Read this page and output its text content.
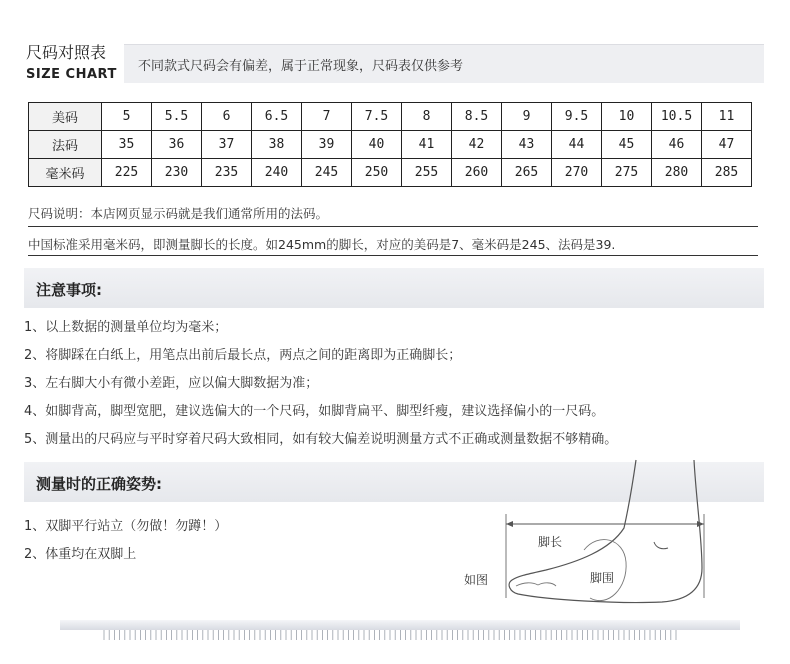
尺码对照表
SIZE CHART
不同款式尺码会有偏差，属于正常现象，尺码表仅供参考
美码	5	5.5	6	6.5	7	7.5	8	8.5	9	9.5	10	10.5	11
法码	35	36	37	38	39	40	41	42	43	44	45	46	47
毫米码	225	230	235	240	245	250	255	260	265	270	275	280	285
尺码说明：本店网页显示码就是我们通常所用的法码。
中国标准采用毫米码，即测量脚长的长度。如245mm的脚长，对应的美码是7、毫米码是245、法码是39.
注意事项:
1、以上数据的测量单位均为毫米；
2、将脚踩在白纸上，用笔点出前后最长点，两点之间的距离即为正确脚长；
3、左右脚大小有微小差距，应以偏大脚数据为准；
4、如脚背高，脚型宽肥，建议选偏大的一个尺码，如脚背扁平、脚型纤瘦，建议选择偏小的一尺码。
5、测量出的尺码应与平时穿着尺码大致相同，如有较大偏差说明测量方式不正确或测量数据不够精确。
测量时的正确姿势:
1、双脚平行站立（勿做！勿蹲！）
2、体重均在双脚上
脚长
脚围
如图
